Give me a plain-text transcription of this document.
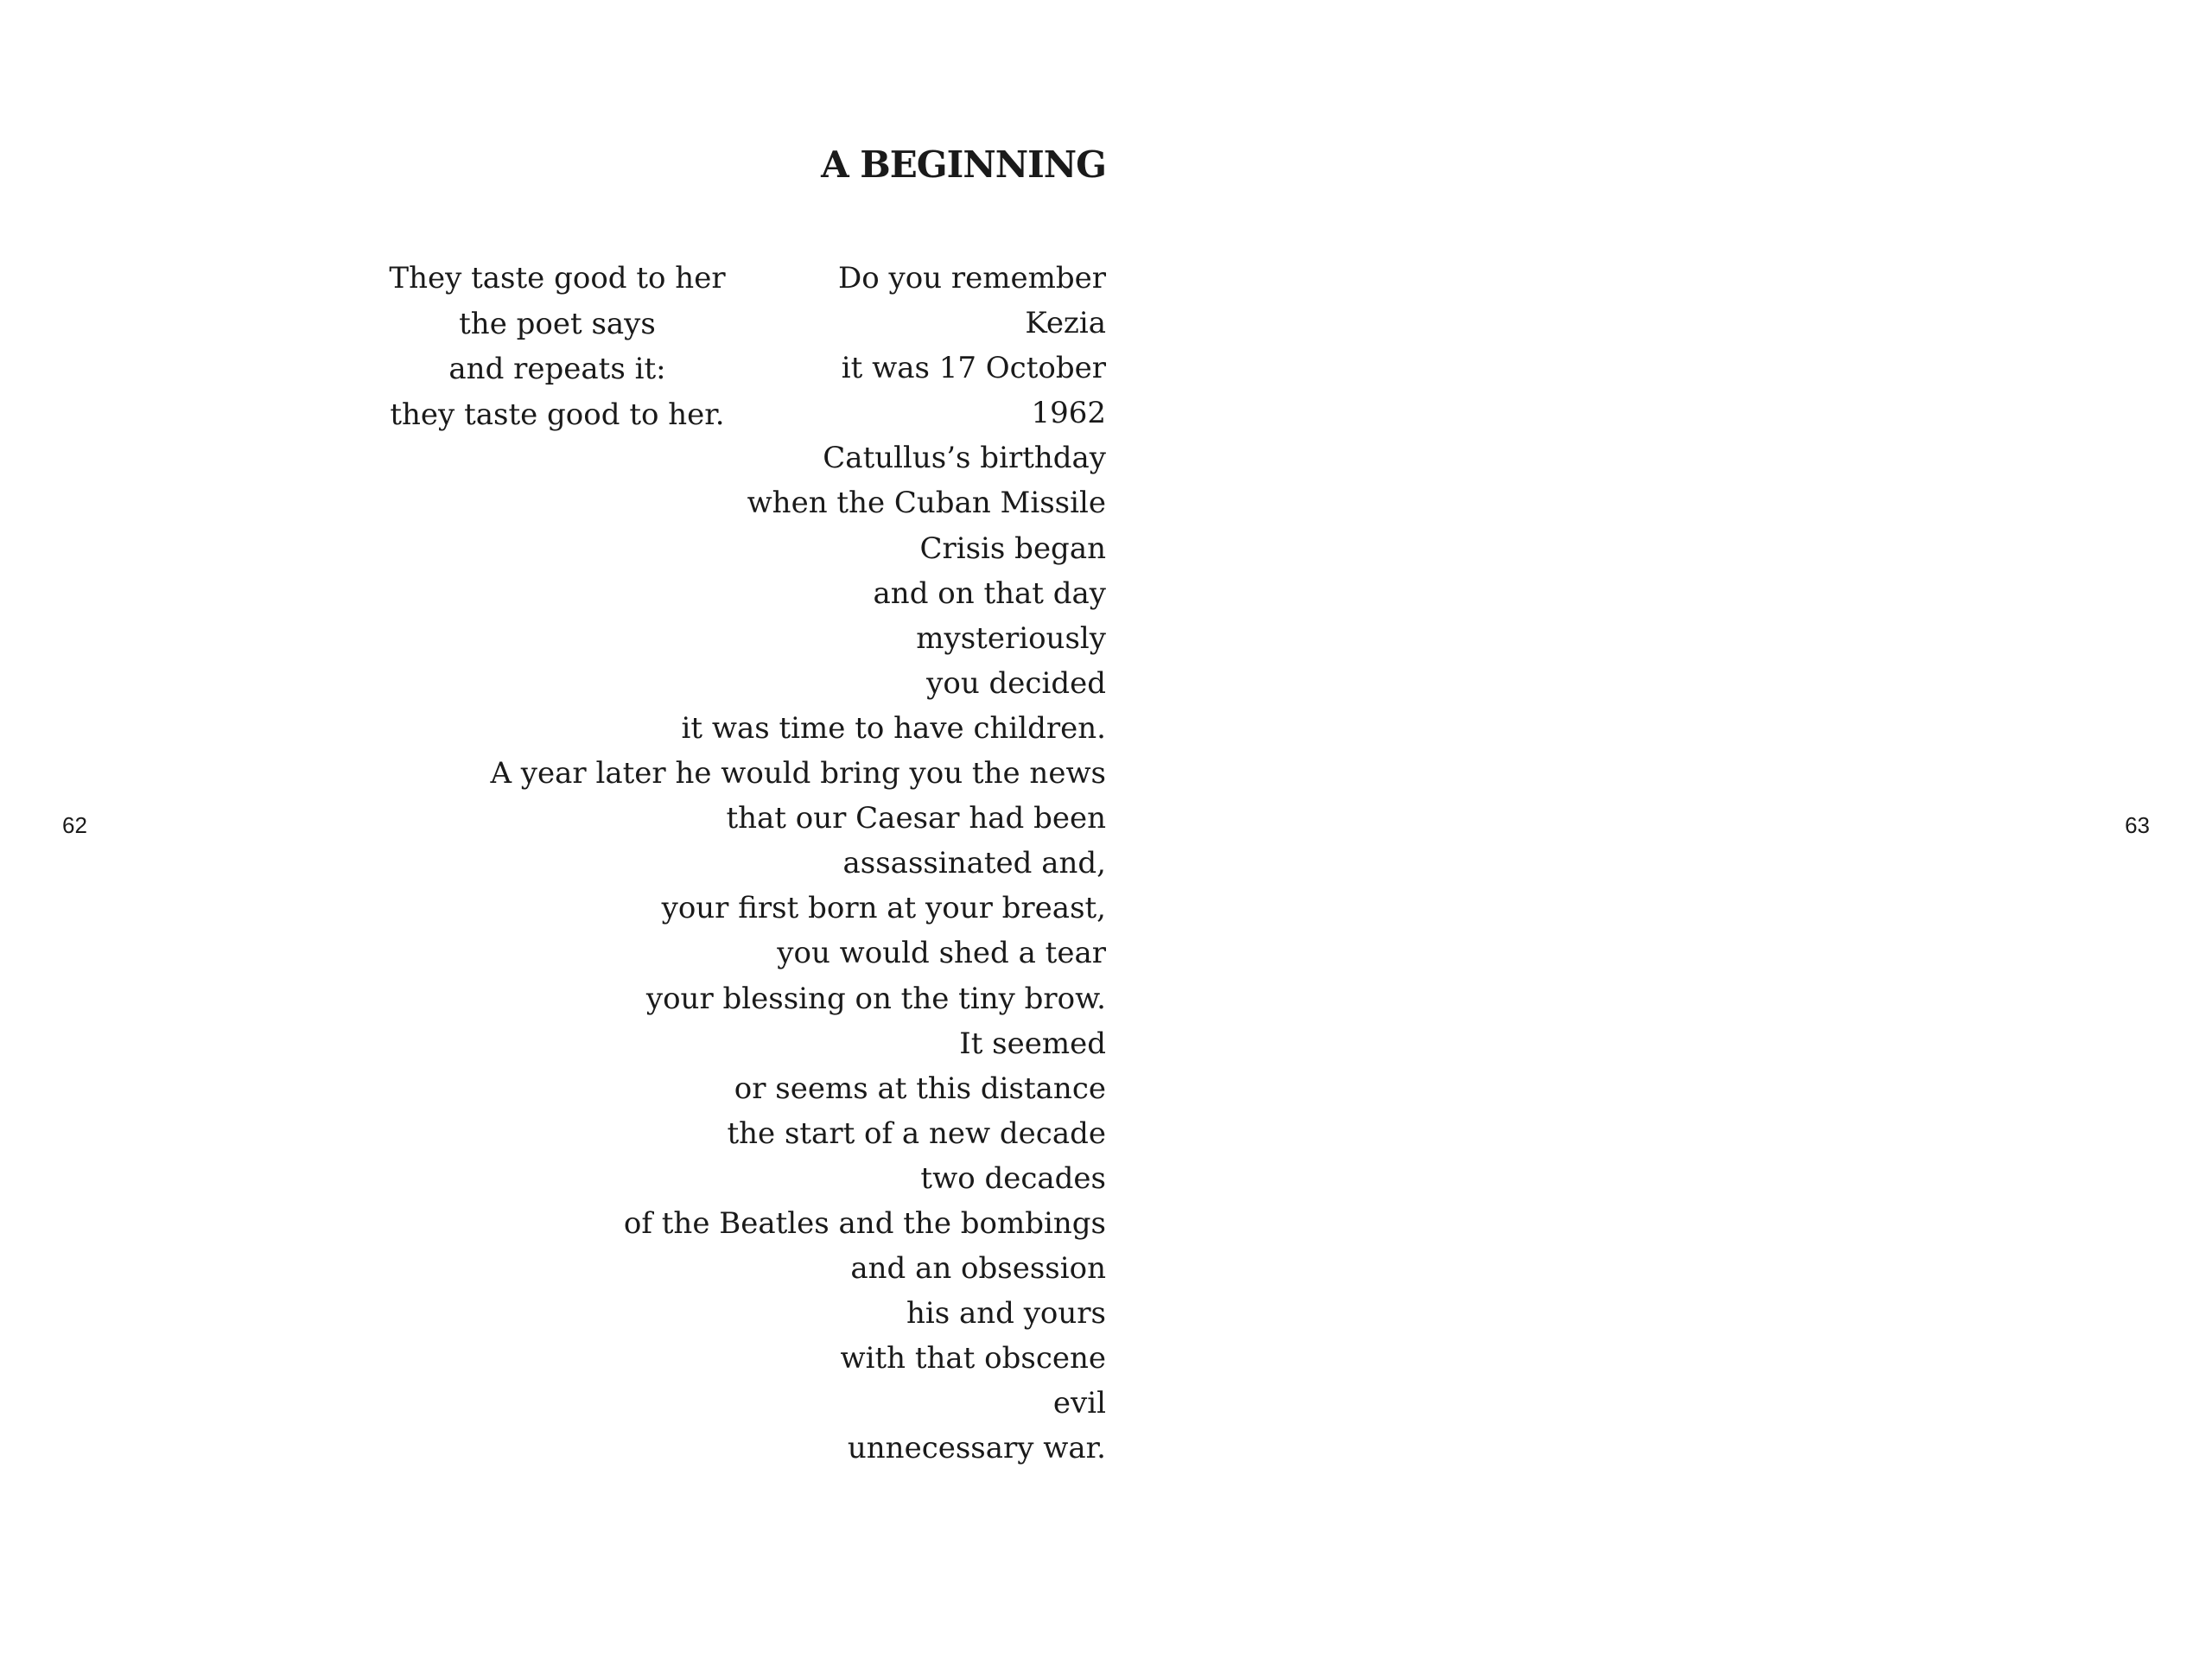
They taste good to her
the poet says
and repeats it:
they taste good to her.
62
A BEGINNING
Do you remember
Kezia
it was 17 October
1962
Catullus’s birthday
when the Cuban Missile
Crisis began
and on that day
mysteriously
you decided
it was time to have children.
A year later he would bring you the news
that our Caesar had been
assassinated and,
your first born at your breast,
you would shed a tear
your blessing on the tiny brow.
It seemed
or seems at this distance
the start of a new decade
two decades
of the Beatles and the bombings
and an obsession
his and yours
with that obscene
evil
unnecessary war.
63
